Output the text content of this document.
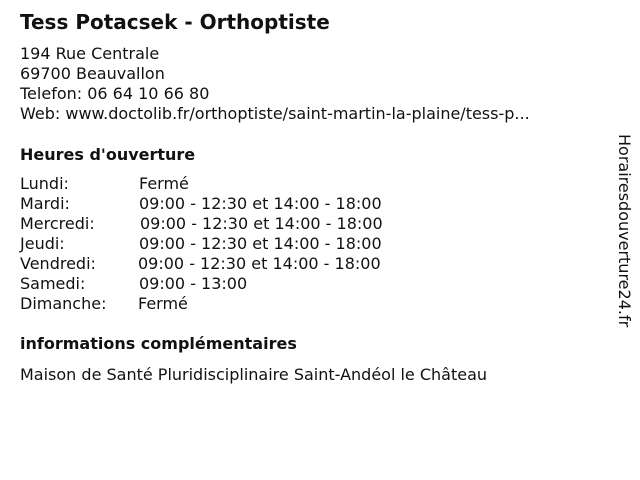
Tess Potacsek - Orthoptiste
194 Rue Centrale
69700 Beauvallon
Telefon: 06 64 10 66 80
Web: www.doctolib.fr/orthoptiste/saint-martin-la-plaine/tess-p...
Heures d'ouverture
Lundi:	Fermé
Mardi:	09:00 - 12:30 et 14:00 - 18:00
Mercredi:	09:00 - 12:30 et 14:00 - 18:00
Jeudi:	09:00 - 12:30 et 14:00 - 18:00
Vendredi:	09:00 - 12:30 et 14:00 - 18:00
Samedi:	09:00 - 13:00
Dimanche: Fermé
informations complémentaires
Maison de Santé Pluridisciplinaire Saint-Andéol le Château
Horairesdouverture24.fr
